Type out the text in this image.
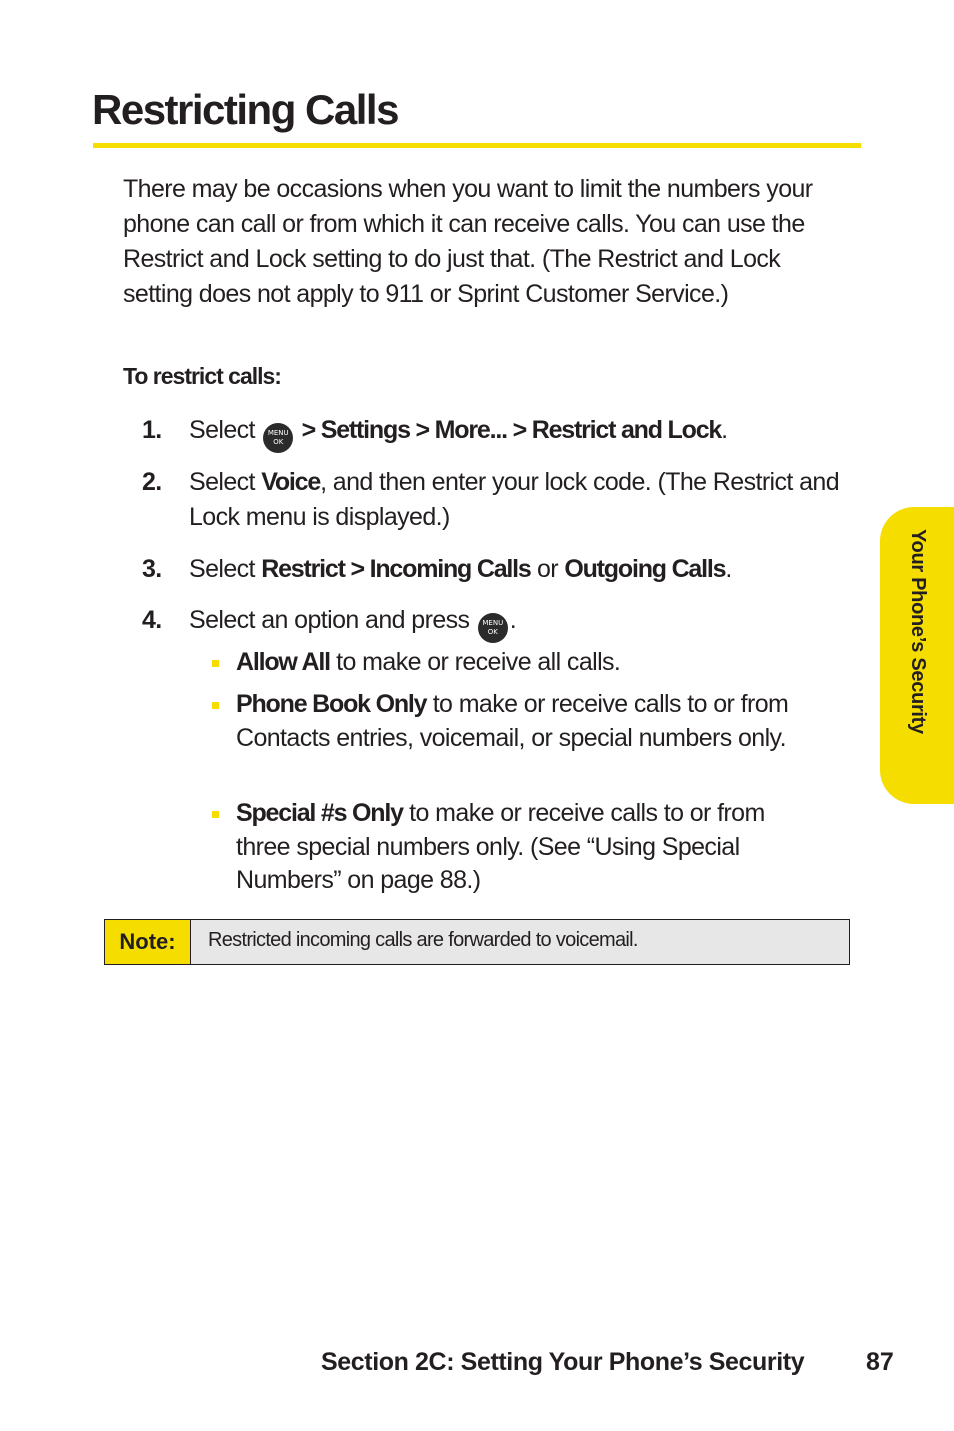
Restricting Calls

There may be occasions when you want to limit the numbers your phone can call or from which it can receive calls. You can use the Restrict and Lock setting to do just that. (The Restrict and Lock setting does not apply to 911 or Sprint Customer Service.)

To restrict calls:

1. Select	MENU
OK > Settings > More... > Restrict and Lock.
2. Select Voice, and then enter your lock code. (The Restrict and Lock menu is displayed.)
3. Select Restrict > Incoming Calls or Outgoing Calls.
4. Select an option and press	MENU
OK .
Allow All to make or receive all calls.
Phone Book Only to make or receive calls to or from Contacts entries, voicemail, or special numbers only.
Special #s Only to make or receive calls to or from three special numbers only. (See “Using Special Numbers” on page 88.)
Note:	Restricted incoming calls are forwarded to voicemail.
Your Phone’s Security
Section 2C: Setting Your Phone’s Security 87
